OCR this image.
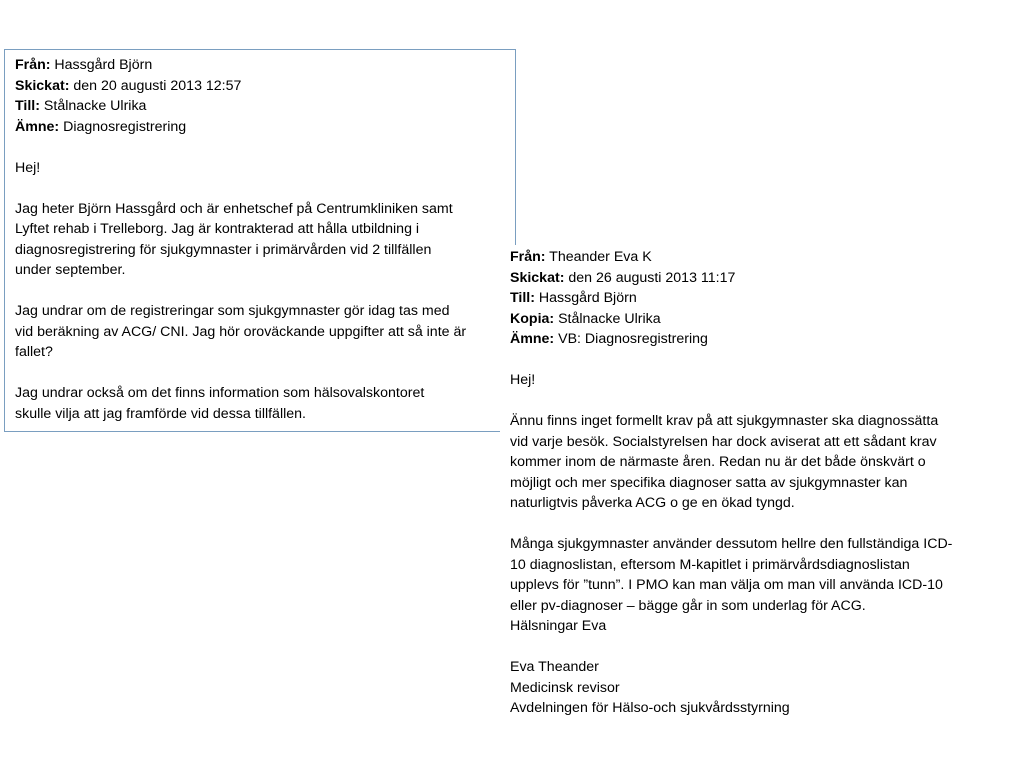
Från: Hassgård Björn

Skickat: den 20 augusti 2013 12:57

Till: Stålnacke Ulrika

Ämne: Diagnosregistrering

Hej!

Jag heter Björn Hassgård och är enhetschef på Centrumkliniken samt

Lyftet rehab i Trelleborg. Jag är kontrakterad att hålla utbildning i

diagnosregistrering för sjukgymnaster i primärvården vid 2 tillfällen

under september.

Jag undrar om de registreringar som sjukgymnaster gör idag tas med

vid beräkning av ACG/ CNI. Jag hör oroväckande uppgifter att så inte är

fallet?

Jag undrar också om det finns information som hälsovalskontoret

skulle vilja att jag framförde vid dessa tillfällen.

Från: Theander Eva K

Skickat: den 26 augusti 2013 11:17

Till: Hassgård Björn

Kopia: Stålnacke Ulrika

Ämne: VB: Diagnosregistrering

Hej!

Ännu finns inget formellt krav på att sjukgymnaster ska diagnossätta

vid varje besök. Socialstyrelsen har dock aviserat att ett sådant krav

kommer inom de närmaste åren. Redan nu är det både önskvärt o

möjligt och mer specifika diagnoser satta av sjukgymnaster kan

naturligtvis påverka ACG o ge en ökad tyngd.

Många sjukgymnaster använder dessutom hellre den fullständiga ICD-

10 diagnoslistan, eftersom M-kapitlet i primärvårdsdiagnoslistan

upplevs för ”tunn”. I PMO kan man välja om man vill använda ICD-10

eller pv-diagnoser – bägge går in som underlag för ACG.

Hälsningar Eva

Eva Theander

Medicinsk revisor

Avdelningen för Hälso-och sjukvårdsstyrning
